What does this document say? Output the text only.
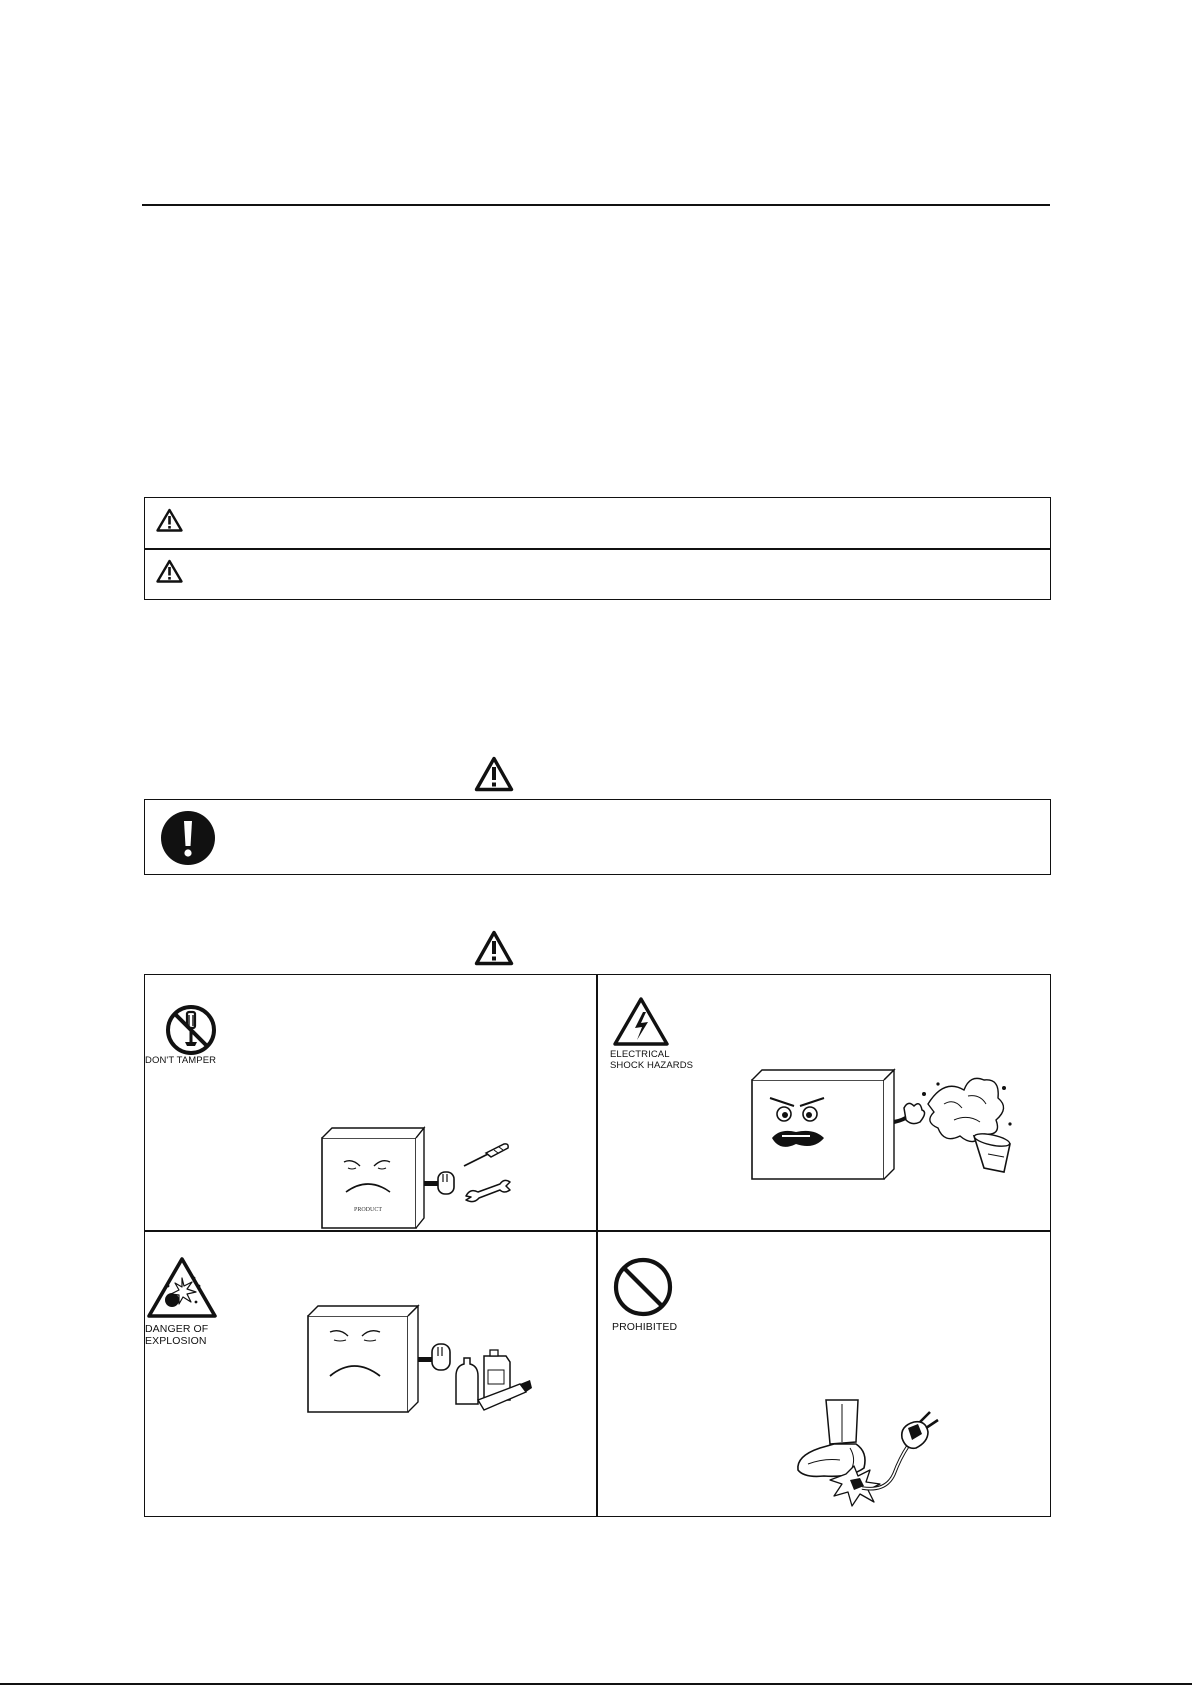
DON'T TAMPER
PRODUCT
ELECTRICAL
SHOCK HAZARDS
DANGER OF
EXPLOSION
PROHIBITED
